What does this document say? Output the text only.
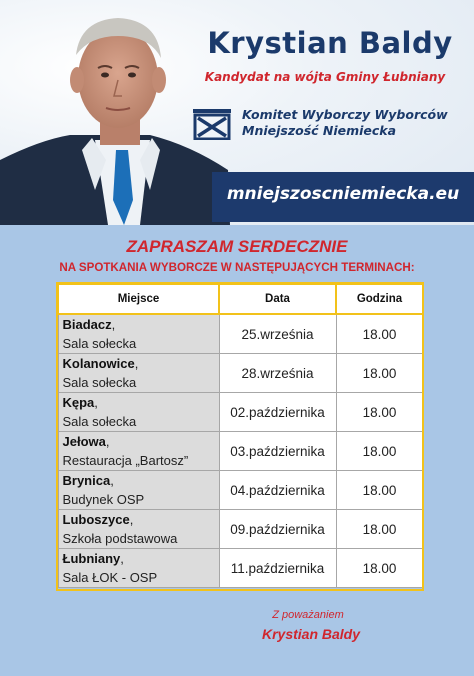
Krystian Baldy
Kandydat na wójta Gminy Łubniany
Komitet Wyborczy Wyborców
Mniejszość Niemiecka
mniejszoscniemiecka.eu
ZAPRASZAM SERDECZNIE
NA SPOTKANIA WYBORCZE W NASTĘPUJĄCYCH TERMINACH:
Miejsce	Data	Godzina
Biadacz,
Sala sołecka	25.września	18.00
Kolanowice,
Sala sołecka	28.września	18.00
Kępa,
Sala sołecka	02.października	18.00
Jełowa,
Restauracja „Bartosz”	03.października	18.00
Brynica,
Budynek OSP	04.października	18.00
Luboszyce,
Szkoła podstawowa	09.października	18.00
Łubniany,
Sala ŁOK - OSP	11.października	18.00
Z poważaniem
Krystian Baldy
